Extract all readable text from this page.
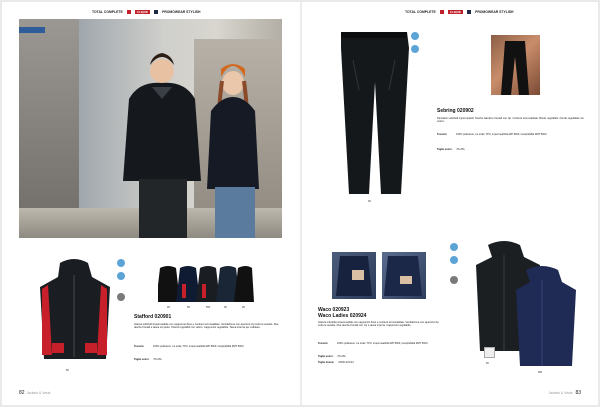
TOTAL COMPLETE	CLIQUE	PROMOWEAR STYLISH	TOTAL COMPLETE	CLIQUE	PROMOWEAR STYLISH
58
99	58	590	95	99
Stafford 020901
Giacca softshell impermeabile con cappuccio fisso e cuciture termosaldate. Ventilazione con apertura zip sotto le ascelle. Due tasche frontali e tasca sul petto. Polsini regolabili con velcro. Cappuccio regolabile. Tasca interna per cellulare.
Tessuto:	100% poliestere, tre strati, TPU, impermeabilità WP 8000, traspirabilità MVP 5000.
Taglie uomo: XS-3XL
82 Jackets & Vests
99
Sebring 020902
Pantaloni softshell impermeabili. Tasche laterali e frontali con zip. Cuciture termosaldate. Bordo regolabile. Fondo regolabile con velcro.
Tessuto:	100% poliestere, tre strati, TPU, impermeabilità WP 8000, traspirabilità MVP 5000.
Taglie uomo: XS-3XL
Waco 020923
Waco Ladies 020924
Giacca imbottita impermeabile con cappuccio fisso e cuciture termosaldate. Ventilazione con apertura zip sotto le ascelle. Due tasche frontali con zip e tasca interna. Cappuccio regolabile.
Tessuto:	100% poliestere, tre strati, TPU, impermeabilità WP 8000, traspirabilità MVP 5000.
Taglie uomo: XS-3XL
Taglie donna: XS/36-2XL/44	99
580
Jackets & Vests 83
